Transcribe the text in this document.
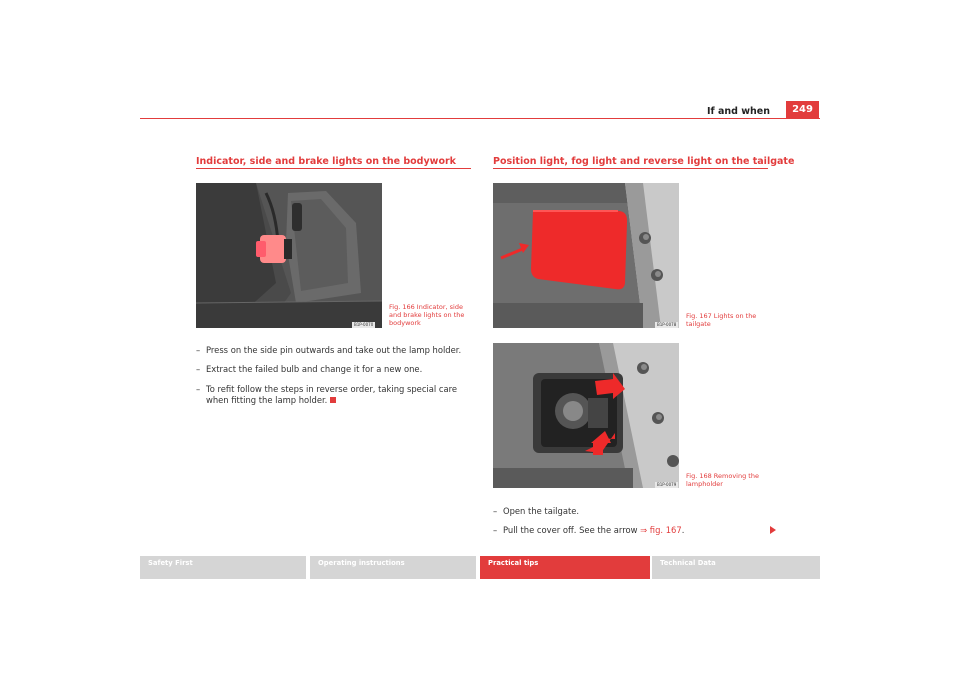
If and when	249
Indicator, side and brake lights on the bodywork
B1P-0070
Fig. 166 Indicator, side and brake lights on the bodywork
– Press on the side pin outwards and take out the lamp holder.
– Extract the failed bulb and change it for a new one.
– To refit follow the steps in reverse order, taking special care when fitting the lamp holder.
Position light, fog light and reverse light on the tailgate
B1P-0078
Fig. 167 Lights on the tailgate
B1P-0079
Fig. 168 Removing the lampholder
– Open the tailgate.
– Pull the cover off. See the arrow ⇒ fig. 167.
Safety First	Operating instructions	Practical tips	Technical Data
